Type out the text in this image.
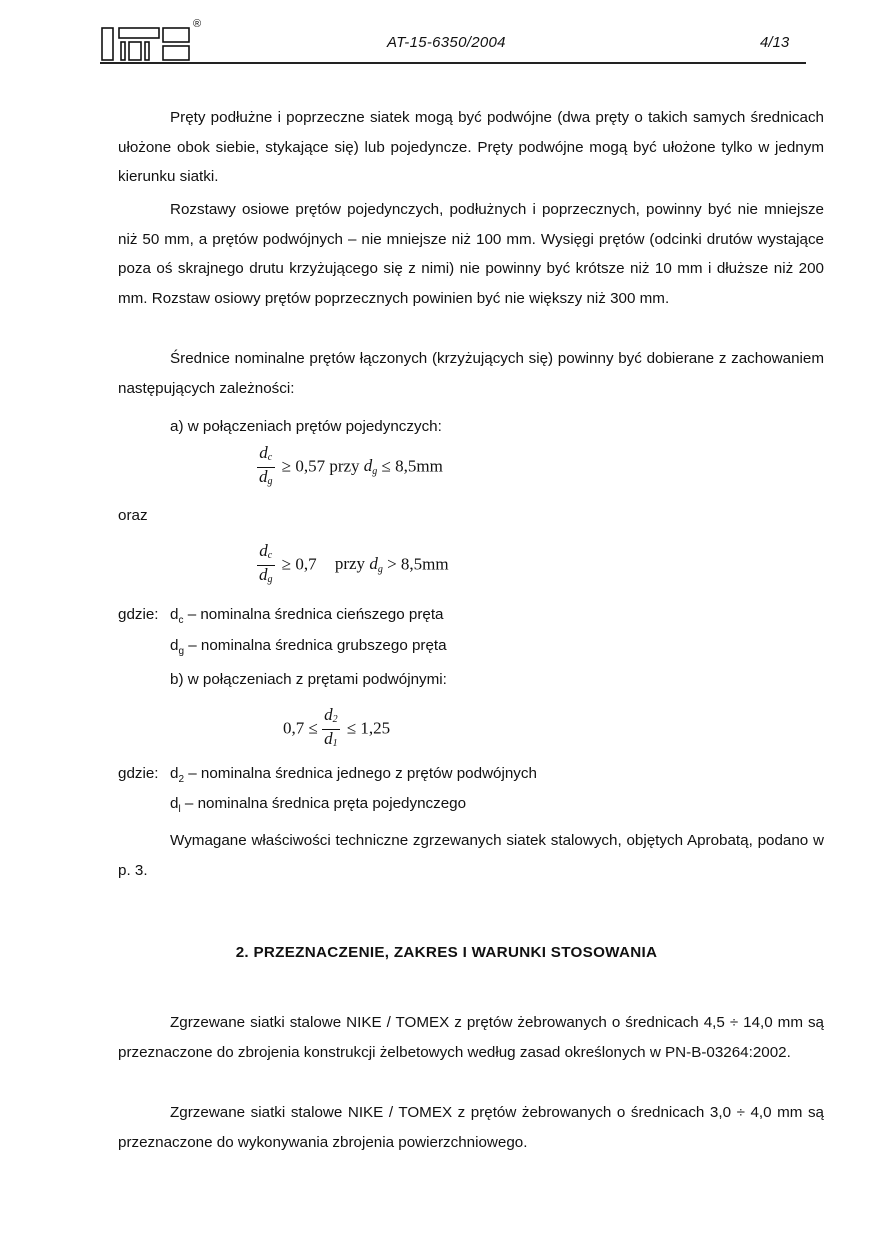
®
AT-15-6350/2004	4/13

Pręty podłużne i poprzeczne siatek mogą być podwójne (dwa pręty o takich samych średnicach ułożone obok siebie, stykające się) lub pojedyncze. Pręty podwójne mogą być ułożone tylko w jednym kierunku siatki.

Rozstawy osiowe prętów pojedynczych, podłużnych i poprzecznych, powinny być nie mniejsze niż 50 mm, a prętów podwójnych – nie mniejsze niż 100 mm. Wysięgi prętów (odcinki drutów wystające poza oś skrajnego drutu krzyżującego się z nimi) nie powinny być krótsze niż 10 mm i dłuższe niż 200 mm. Rozstaw osiowy prętów poprzecznych powinien być nie większy niż 300 mm.

Średnice nominalne prętów łączonych (krzyżujących się) powinny być dobierane z zachowaniem następujących zależności:

a) w połączeniach prętów pojedynczych:
$\frac{d_c}{d_g} \ge 0,57$ przy $d_g \le 8,5mm$
oraz
$\frac{d_c}{d_g} \ge 0,7$ przy $d_g > 8,5mm$
gdzie: $d_c$ – nominalna średnica cieńszego pręta
$d_g$ – nominalna średnica grubszego pręta
b) w połączeniach z prętami podwójnymi:
$0,7 \le \frac{d_2}{d_1} \le 1,25$
gdzie: $d_2$ – nominalna średnica jednego z prętów podwójnych
$d_l$ – nominalna średnica pręta pojedynczego

Wymagane właściwości techniczne zgrzewanych siatek stalowych, objętych Aprobatą, podano w p. 3.

2. PRZEZNACZENIE, ZAKRES I WARUNKI STOSOWANIA

Zgrzewane siatki stalowe NIKE / TOMEX z prętów żebrowanych o średnicach 4,5 ÷ 14,0 mm są przeznaczone do zbrojenia konstrukcji żelbetowych według zasad określonych w PN-B-03264:2002.

Zgrzewane siatki stalowe NIKE / TOMEX z prętów żebrowanych o średnicach 3,0 ÷ 4,0 mm są przeznaczone do wykonywania zbrojenia powierzchniowego.
